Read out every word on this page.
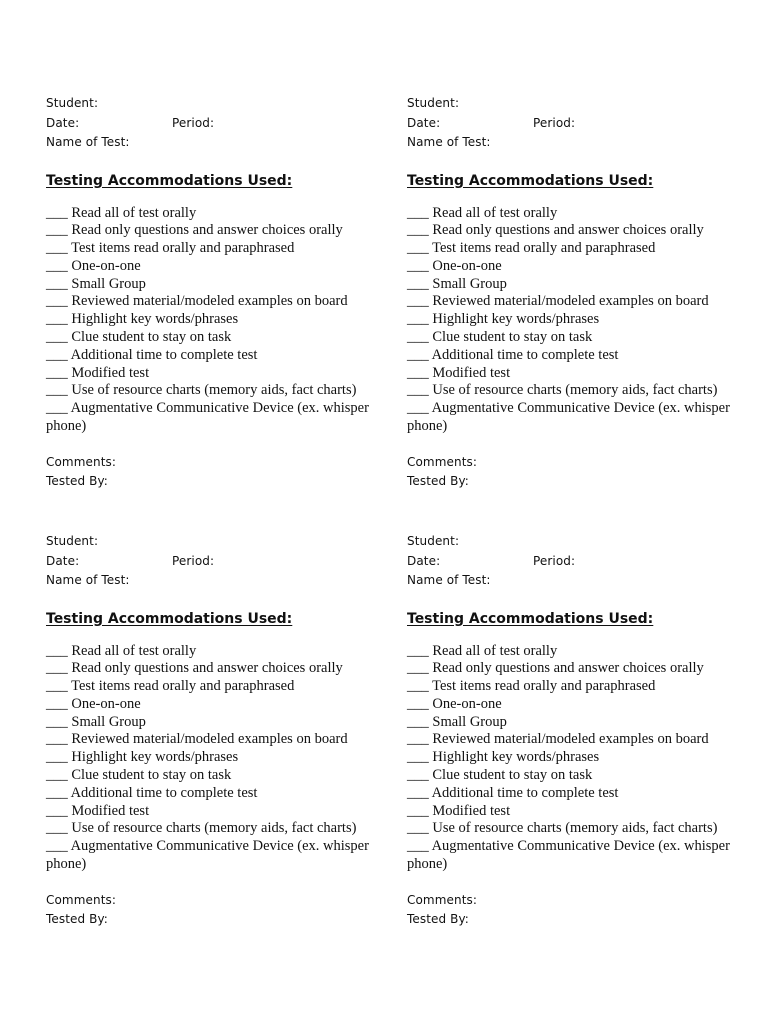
Student:
Date:	Period:
Name of Test:
Testing Accommodations Used:
___ Read all of test orally
___ Read only questions and answer choices orally
___ Test items read orally and paraphrased
___ One-on-one
___ Small Group
___ Reviewed material/modeled examples on board
___ Highlight key words/phrases
___ Clue student to stay on task
___ Additional time to complete test
___ Modified test
___ Use of resource charts (memory aids, fact charts)
___ Augmentative Communicative Device (ex. whisper phone)
Comments:
Tested By:
Student:
Date:	Period:
Name of Test:
Testing Accommodations Used:
___ Read all of test orally
___ Read only questions and answer choices orally
___ Test items read orally and paraphrased
___ One-on-one
___ Small Group
___ Reviewed material/modeled examples on board
___ Highlight key words/phrases
___ Clue student to stay on task
___ Additional time to complete test
___ Modified test
___ Use of resource charts (memory aids, fact charts)
___ Augmentative Communicative Device (ex. whisper phone)
Comments:
Tested By:
Student:
Date:	Period:
Name of Test:
Testing Accommodations Used:
___ Read all of test orally
___ Read only questions and answer choices orally
___ Test items read orally and paraphrased
___ One-on-one
___ Small Group
___ Reviewed material/modeled examples on board
___ Highlight key words/phrases
___ Clue student to stay on task
___ Additional time to complete test
___ Modified test
___ Use of resource charts (memory aids, fact charts)
___ Augmentative Communicative Device (ex. whisper phone)
Comments:
Tested By:
Student:
Date:	Period:
Name of Test:
Testing Accommodations Used:
___ Read all of test orally
___ Read only questions and answer choices orally
___ Test items read orally and paraphrased
___ One-on-one
___ Small Group
___ Reviewed material/modeled examples on board
___ Highlight key words/phrases
___ Clue student to stay on task
___ Additional time to complete test
___ Modified test
___ Use of resource charts (memory aids, fact charts)
___ Augmentative Communicative Device (ex. whisper phone)
Comments:
Tested By:
